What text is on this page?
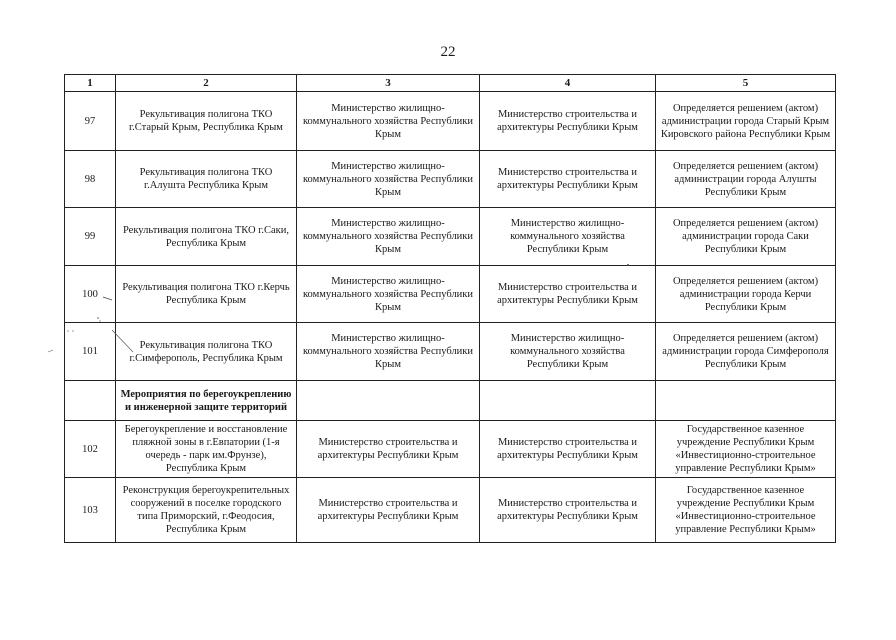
22
1	2	3	4	5
97	Рекультивация полигона ТКО г.Старый Крым, Республика Крым	Министерство жилищно-коммунального хозяйства Республики Крым	Министерство строительства и архитектуры Республики Крым	Определяется решением (актом) администрации города Старый Крым Кировского района Республики Крым
98	Рекультивация полигона ТКО г.Алушта Республика Крым	Министерство жилищно-коммунального хозяйства Республики Крым	Министерство строительства и архитектуры Республики Крым	Определяется решением (актом) администрации города Алушты Республики Крым
99	Рекультивация полигона ТКО г.Саки, Республика Крым	Министерство жилищно-коммунального хозяйства Республики Крым	Министерство жилищно-коммунального хозяйства Республики Крым	Определяется решением (актом) администрации города Саки Республики Крым
100	Рекультивация полигона ТКО г.Керчь Республика Крым	Министерство жилищно-коммунального хозяйства Республики Крым	Министерство строительства и архитектуры Республики Крым	Определяется решением (актом) администрации города Керчи Республики Крым
101	Рекультивация полигона ТКО г.Симферополь, Республика Крым	Министерство жилищно-коммунального хозяйства Республики Крым	Министерство жилищно-коммунального хозяйства Республики Крым	Определяется решением (актом) администрации города Симферополя Республики Крым
	Мероприятия по берегоукреплению и инженерной защите территорий			
102	Берегоукрепление и восстановление пляжной зоны в г.Евпатории (1-я очередь - парк им.Фрунзе), Республика Крым	Министерство строительства и архитектуры Республики Крым	Министерство строительства и архитектуры Республики Крым	Государственное казенное учреждение Республики Крым «Инвестиционно-строительное управление Республики Крым»
103	Реконструкция берегоукрепительных сооружений в поселке городского типа Приморский, г.Феодосия, Республика Крым	Министерство строительства и архитектуры Республики Крым	Министерство строительства и архитектуры Республики Крым	Государственное казенное учреждение Республики Крым «Инвестиционно-строительное управление Республики Крым»
